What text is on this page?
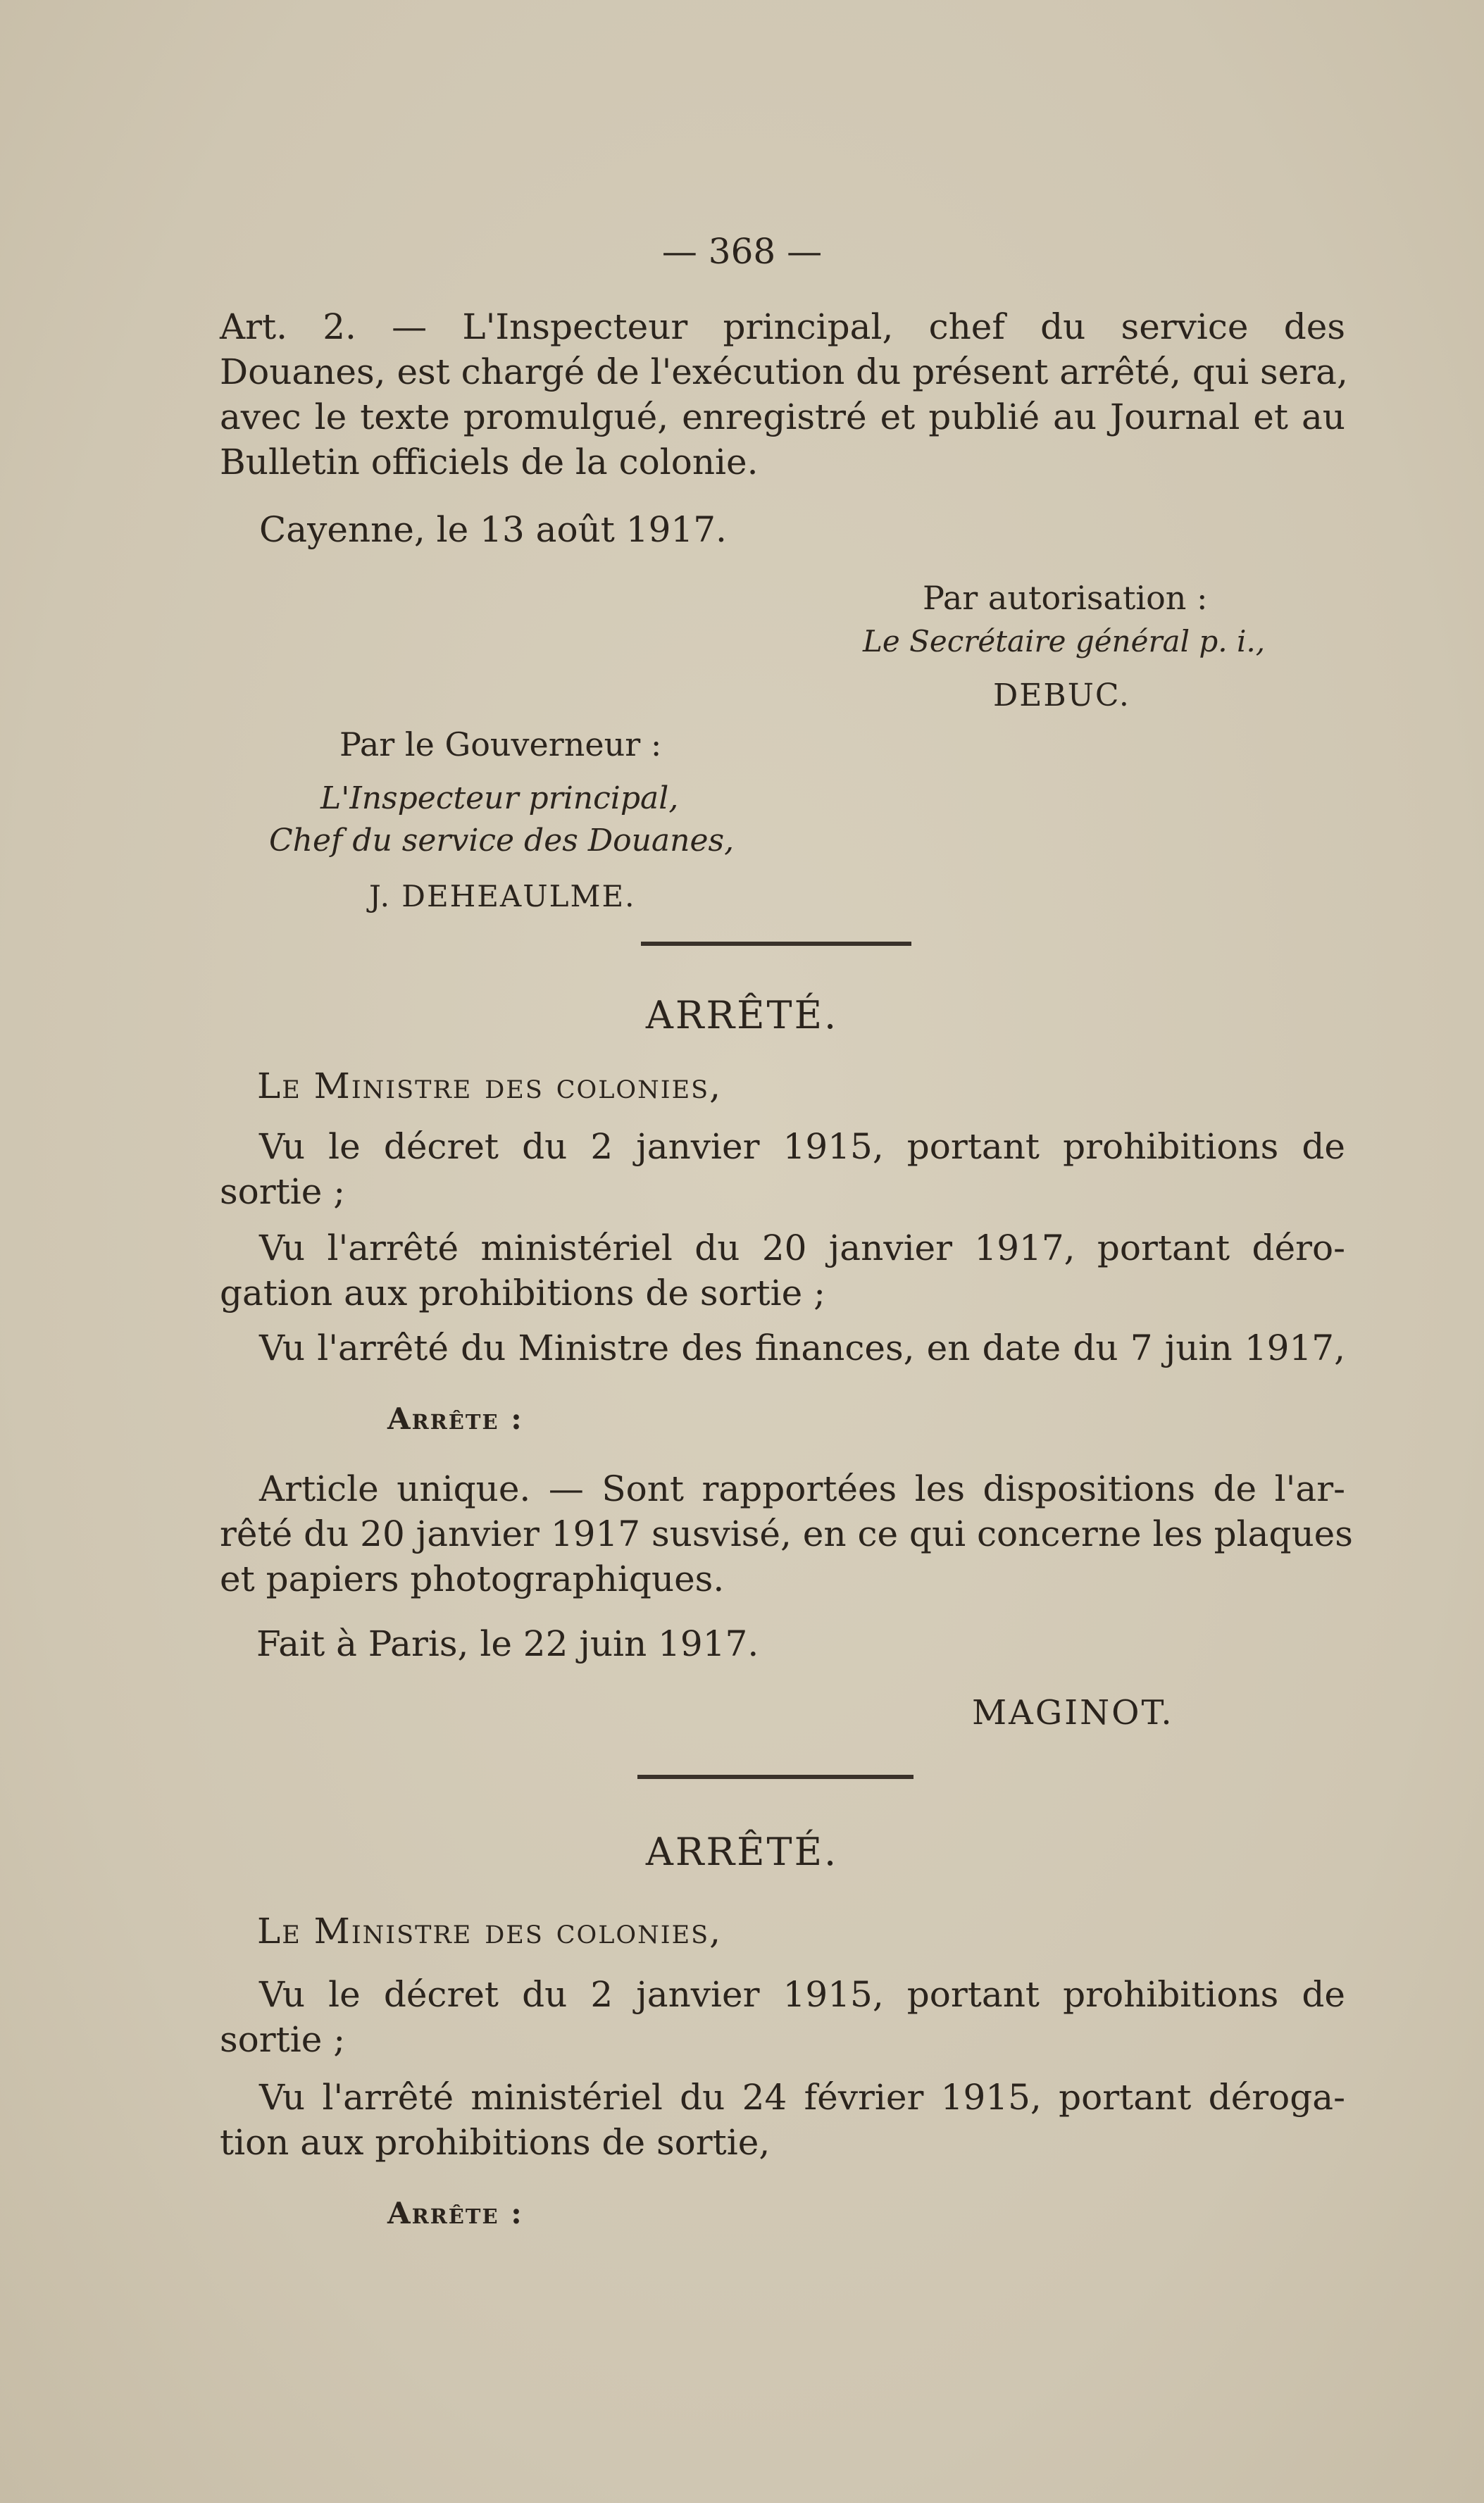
— 368 —
Art. 2. — L'Inspecteur principal, chef du service des
Douanes, est chargé de l'exécution du présent arrêté, qui sera,
avec le texte promulgué, enregistré et publié au Journal et au
Bulletin officiels de la colonie.
Cayenne, le 13 août 1917.
Par autorisation :
Le Secrétaire général p. i.,
DEBUC.
Par le Gouverneur :
L'Inspecteur principal,
Chef du service des Douanes,
J. DEHEAULME.
ARRÊTÉ.
Le Ministre des colonies,
Vu le décret du 2 janvier 1915, portant prohibitions de
sortie ;
Vu l'arrêté ministériel du 20 janvier 1917, portant déro-
gation aux prohibitions de sortie ;
Vu l'arrêté du Ministre des finances, en date du 7 juin 1917,
Arrête :
Article unique. — Sont rapportées les dispositions de l'ar-
rêté du 20 janvier 1917 susvisé, en ce qui concerne les plaques
et papiers photographiques.
Fait à Paris, le 22 juin 1917.
MAGINOT.
ARRÊTÉ.
Le Ministre des colonies,
Vu le décret du 2 janvier 1915, portant prohibitions de
sortie ;
Vu l'arrêté ministériel du 24 février 1915, portant déroga-
tion aux prohibitions de sortie,
Arrête :
